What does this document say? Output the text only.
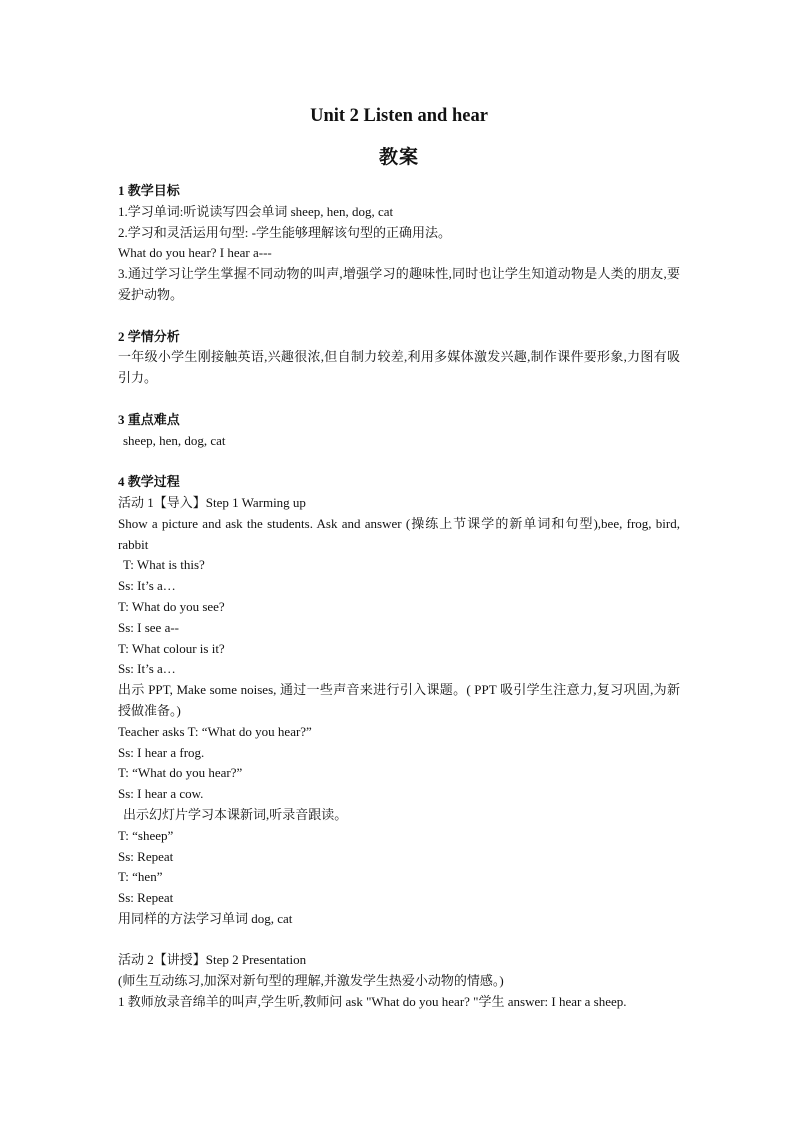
Unit 2 Listen and hear
教案

1 教学目标

1.学习单词:听说读写四会单词 sheep, hen, dog, cat

2.学习和灵活运用句型: -学生能够理解该句型的正确用法。

What do you hear? I hear a---

3.通过学习让学生掌握不同动物的叫声,增强学习的趣味性,同时也让学生知道动物是人类的朋友,要爱护动物。

2 学情分析

一年级小学生刚接触英语,兴趣很浓,但自制力较差,利用多媒体激发兴趣,制作课件要形象,力图有吸引力。

3 重点难点

sheep, hen, dog, cat

4 教学过程

活动 1【导入】Step 1 Warming up

Show a picture and ask the students. Ask and answer (操练上节课学的新单词和句型),bee, frog, bird, rabbit

T: What is this?

Ss: It’s a…

T: What do you see?

Ss: I see a--

T: What colour is it?

Ss: It’s a…

出示 PPT, Make some noises, 通过一些声音来进行引入课题。( PPT 吸引学生注意力,复习巩固,为新授做准备。)

Teacher asks T: “What do you hear?”

Ss: I hear a frog.

T: “What do you hear?”

Ss: I hear a cow.

出示幻灯片学习本课新词,听录音跟读。

T: “sheep”

Ss: Repeat

T: “hen”

Ss: Repeat

用同样的方法学习单词 dog, cat

活动 2【讲授】Step 2 Presentation

(师生互动练习,加深对新句型的理解,并激发学生热爱小动物的情感。)

1 教师放录音绵羊的叫声,学生听,教师问 ask "What do you hear? "学生 answer: I hear a sheep.
